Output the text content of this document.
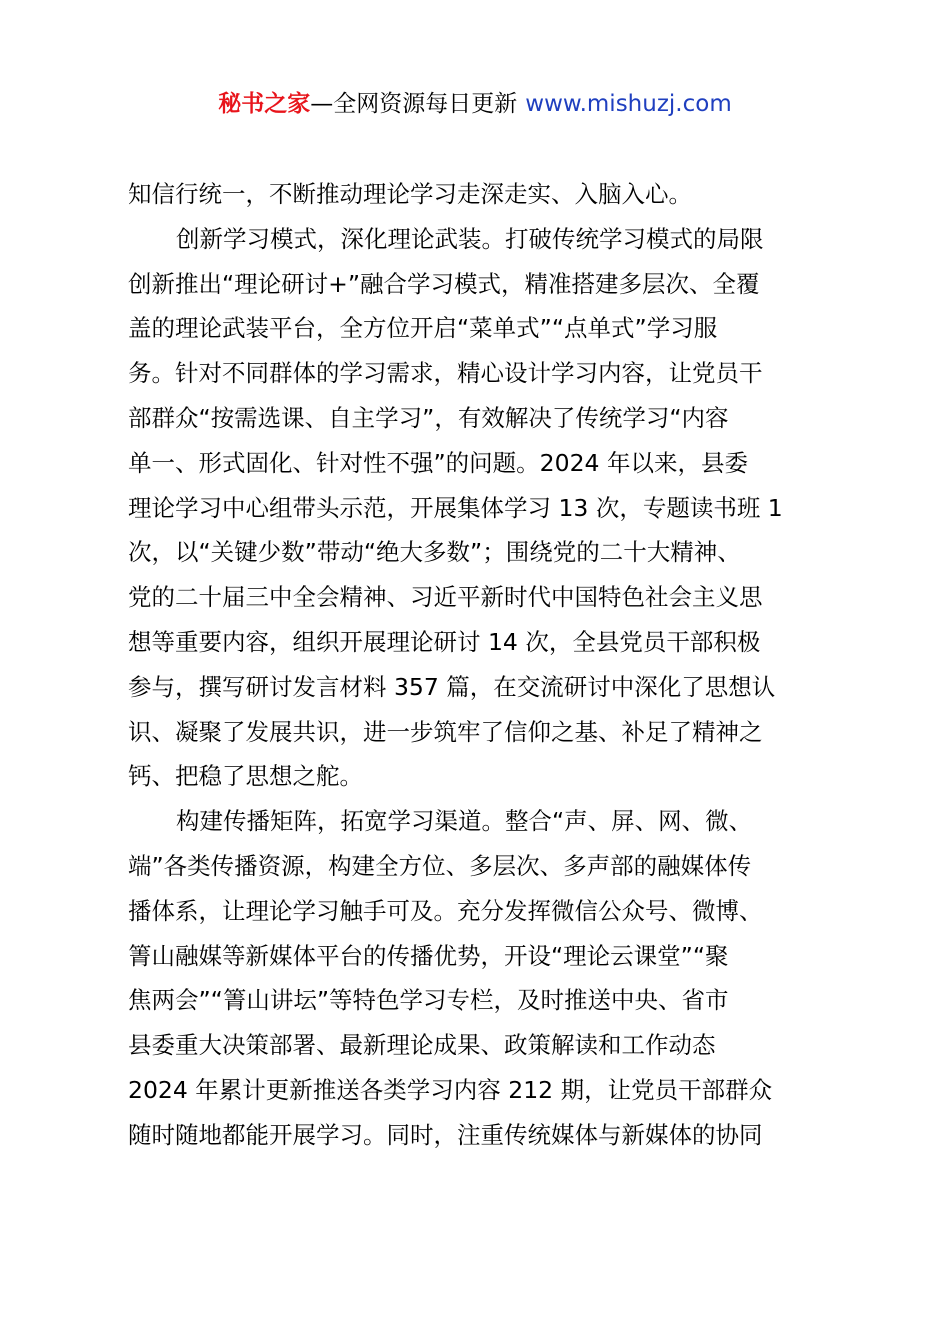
秘书之家—全网资源每日更新 www.mishuzj.com
知信行统一，不断推动理论学习走深走实、入脑入心。
创新学习模式，深化理论武装。打破传统学习模式的局限
创新推出“理论研讨+”融合学习模式，精准搭建多层次、全覆
盖的理论武装平台，全方位开启“菜单式”“点单式”学习服
务。针对不同群体的学习需求，精心设计学习内容，让党员干
部群众“按需选课、自主学习”，有效解决了传统学习“内容
单一、形式固化、针对性不强”的问题。2024 年以来，县委
理论学习中心组带头示范，开展集体学习 13 次，专题读书班 1
次，以“关键少数”带动“绝大多数”；围绕党的二十大精神、
党的二十届三中全会精神、习近平新时代中国特色社会主义思
想等重要内容，组织开展理论研讨 14 次，全县党员干部积极
参与，撰写研讨发言材料 357 篇，在交流研讨中深化了思想认
识、凝聚了发展共识，进一步筑牢了信仰之基、补足了精神之
钙、把稳了思想之舵。
构建传播矩阵，拓宽学习渠道。整合“声、屏、网、微、
端”各类传播资源，构建全方位、多层次、多声部的融媒体传
播体系，让理论学习触手可及。充分发挥微信公众号、微博、
箐山融媒等新媒体平台的传播优势，开设“理论云课堂”“聚
焦两会”“箐山讲坛”等特色学习专栏，及时推送中央、省市
县委重大决策部署、最新理论成果、政策解读和工作动态
2024 年累计更新推送各类学习内容 212 期，让党员干部群众
随时随地都能开展学习。同时，注重传统媒体与新媒体的协同
